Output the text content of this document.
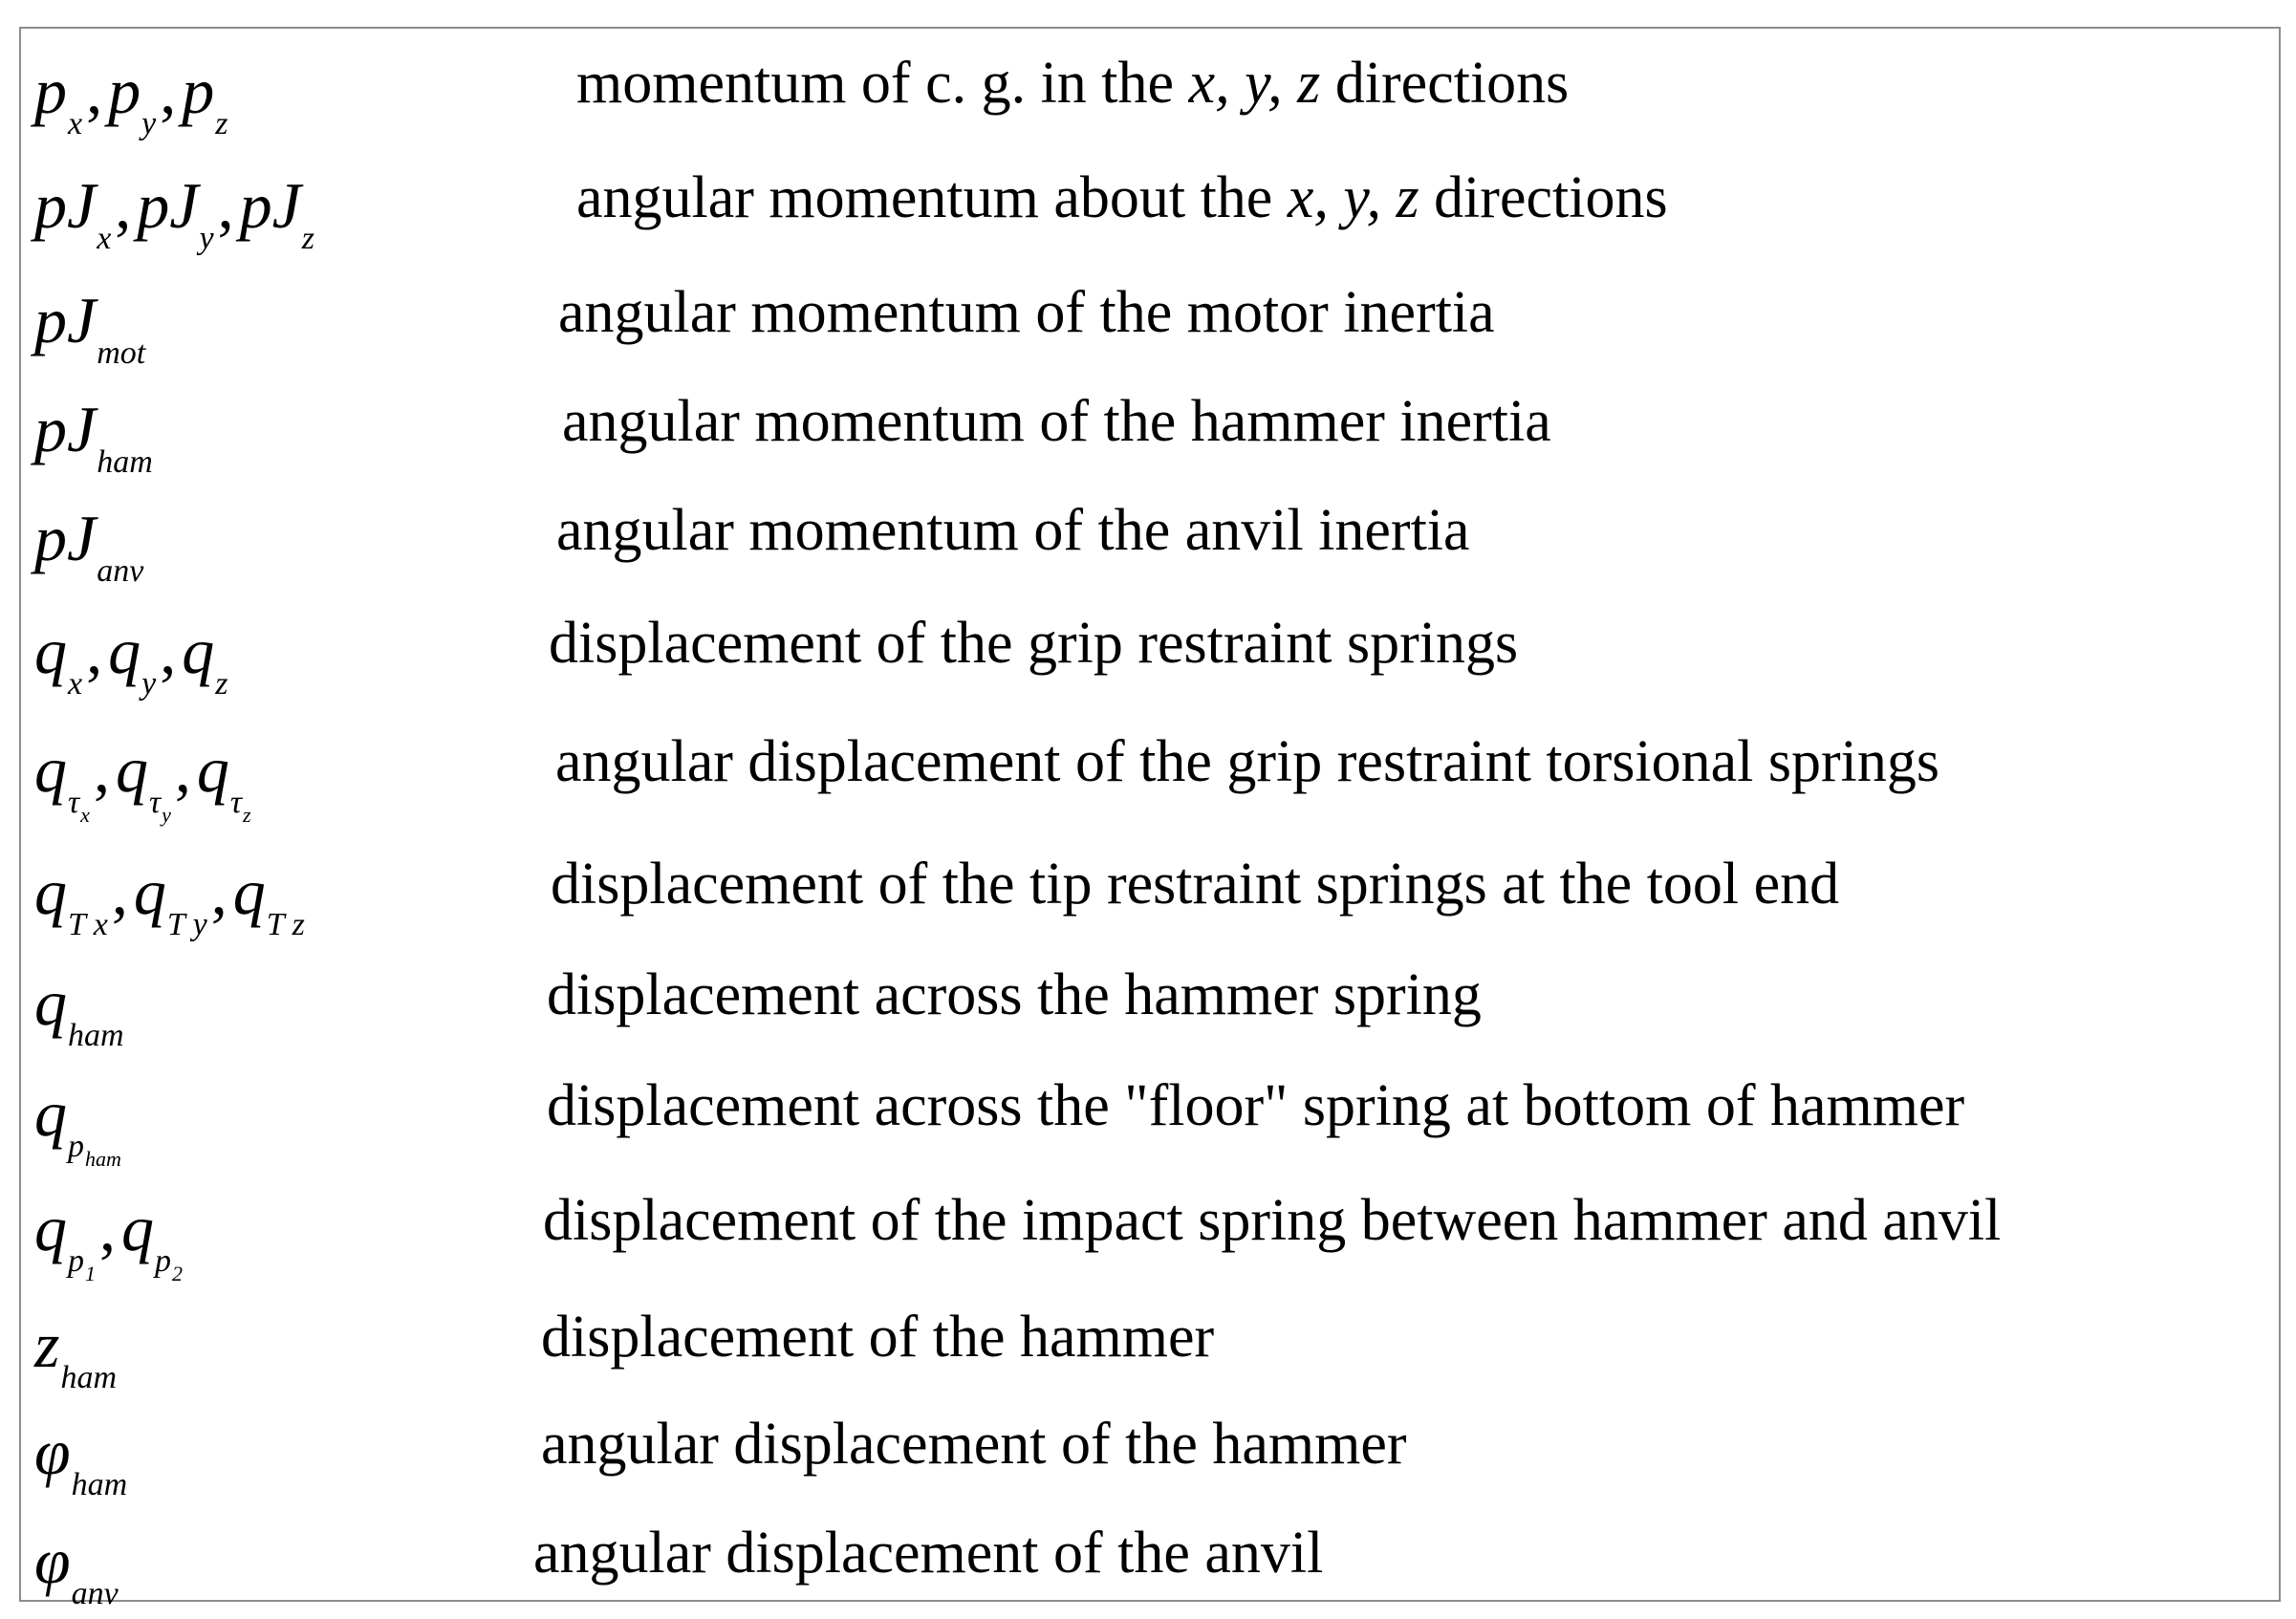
$p_x,p_y,p_z$
momentum of c. g. in the x, y, z directions
$pJ_x,pJ_y,pJ_z$
angular momentum about the x, y, z directions
$pJ_{mot}$
angular momentum of the motor inertia
$pJ_{ham}$
angular momentum of the hammer inertia
$pJ_{anv}$
angular momentum of the anvil inertia
$q_x,q_y,q_z$
displacement of the grip restraint springs
$q_{\tau_x},q_{\tau_y},q_{\tau_z}$
angular displacement of the grip restraint torsional springs
$q_{T x},q_{T y},q_{T z}$
displacement of the tip restraint springs at the tool end
$q_{ham}$
displacement across the hammer spring
$q_{p_{ham}}$
displacement across the "floor" spring at bottom of hammer
$q_{p_1},q_{p_2}$
displacement of the impact spring between hammer and anvil
$z_{ham}$
displacement of the hammer
$\varphi_{ham}$
angular displacement of the hammer
$\varphi_{anv}$
angular displacement of the anvil
